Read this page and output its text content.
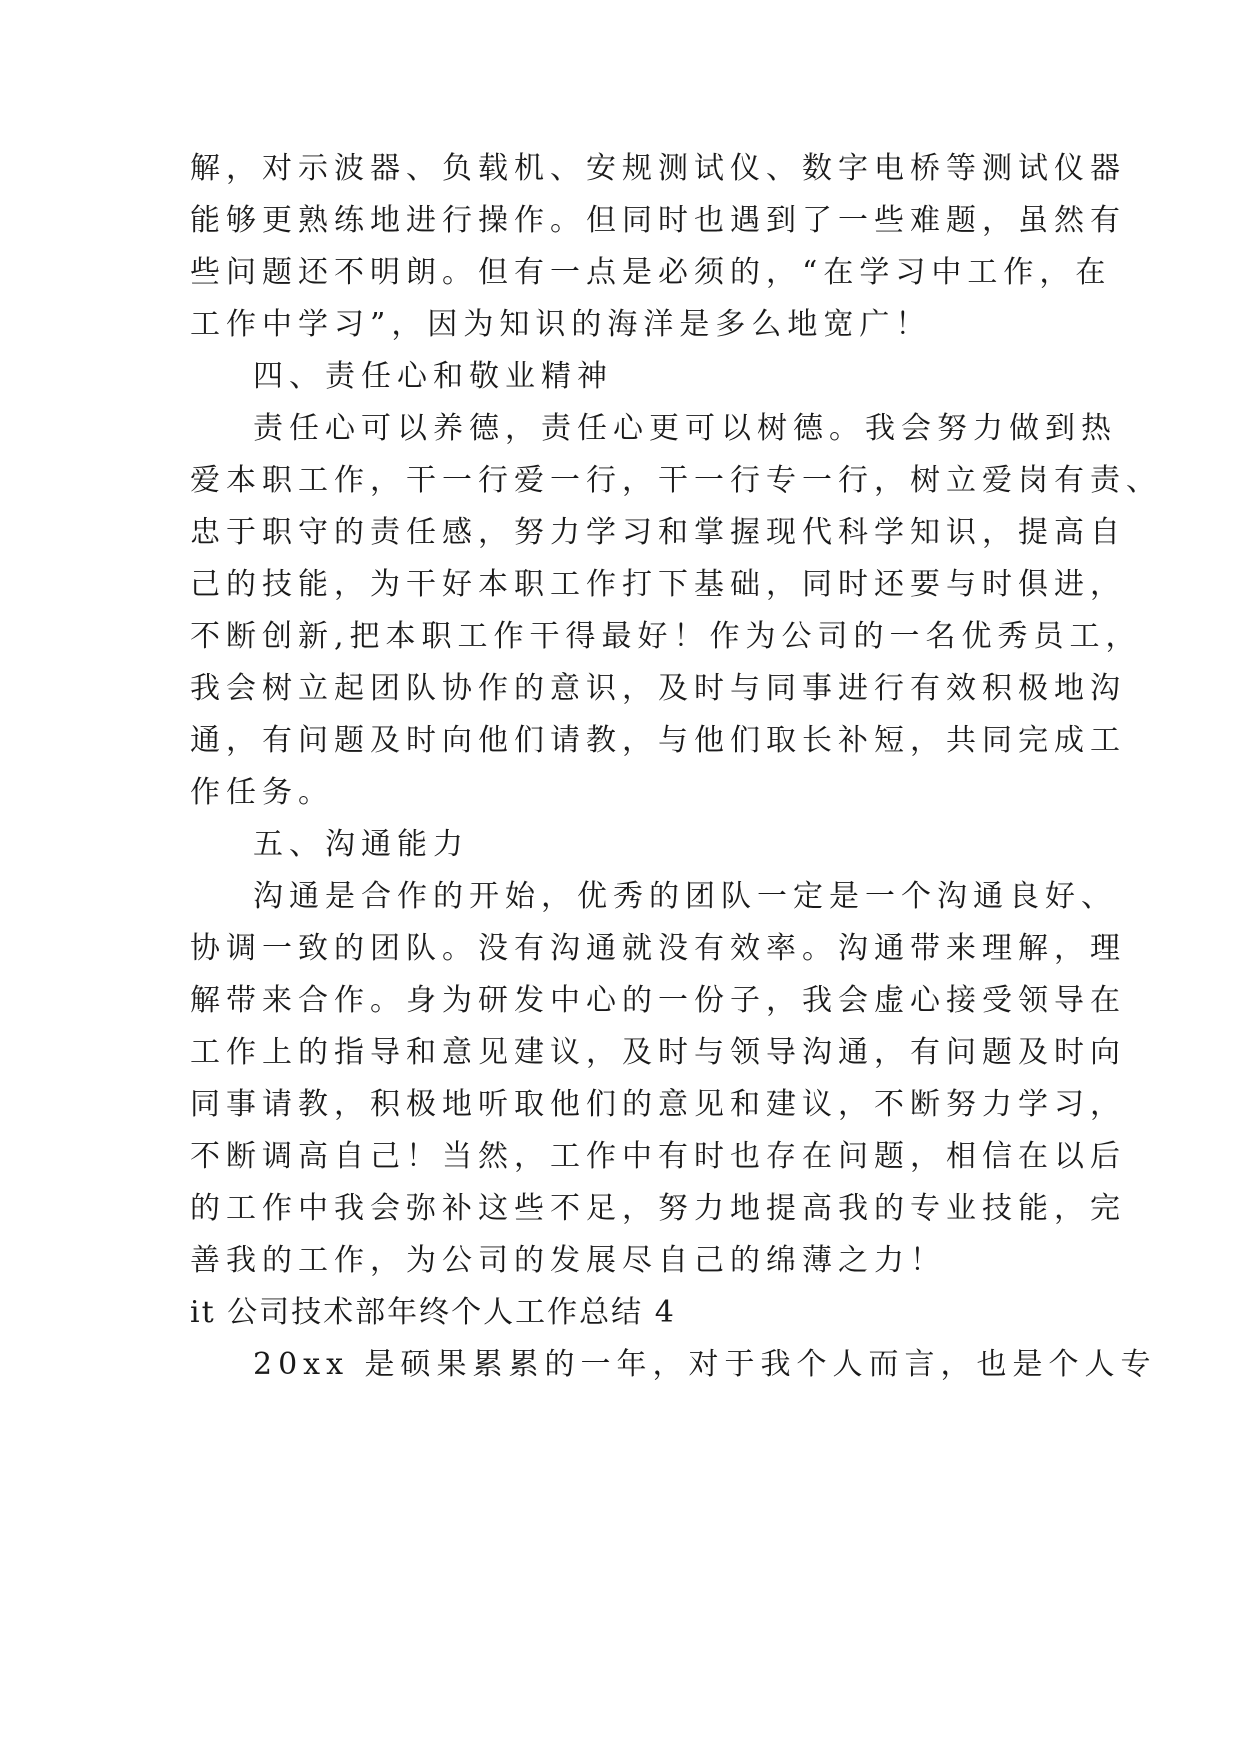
解，对示波器、负载机、安规测试仪、数字电桥等测试仪器
能够更熟练地进行操作。但同时也遇到了一些难题，虽然有
些问题还不明朗。但有一点是必须的，“在学习中工作，在
工作中学习”，因为知识的海洋是多么地宽广！
四、责任心和敬业精神
责任心可以养德，责任心更可以树德。我会努力做到热
爱本职工作，干一行爱一行，干一行专一行，树立爱岗有责、
忠于职守的责任感，努力学习和掌握现代科学知识，提高自
己的技能，为干好本职工作打下基础，同时还要与时俱进，
不断创新,把本职工作干得最好！作为公司的一名优秀员工，
我会树立起团队协作的意识，及时与同事进行有效积极地沟
通，有问题及时向他们请教，与他们取长补短，共同完成工
作任务。
五、沟通能力
沟通是合作的开始，优秀的团队一定是一个沟通良好、
协调一致的团队。没有沟通就没有效率。沟通带来理解，理
解带来合作。身为研发中心的一份子，我会虚心接受领导在
工作上的指导和意见建议，及时与领导沟通，有问题及时向
同事请教，积极地听取他们的意见和建议，不断努力学习，
不断调高自己！当然，工作中有时也存在问题，相信在以后
的工作中我会弥补这些不足，努力地提高我的专业技能，完
善我的工作，为公司的发展尽自己的绵薄之力！
it 公司技术部年终个人工作总结 4
20xx 是硕果累累的一年，对于我个人而言，也是个人专
